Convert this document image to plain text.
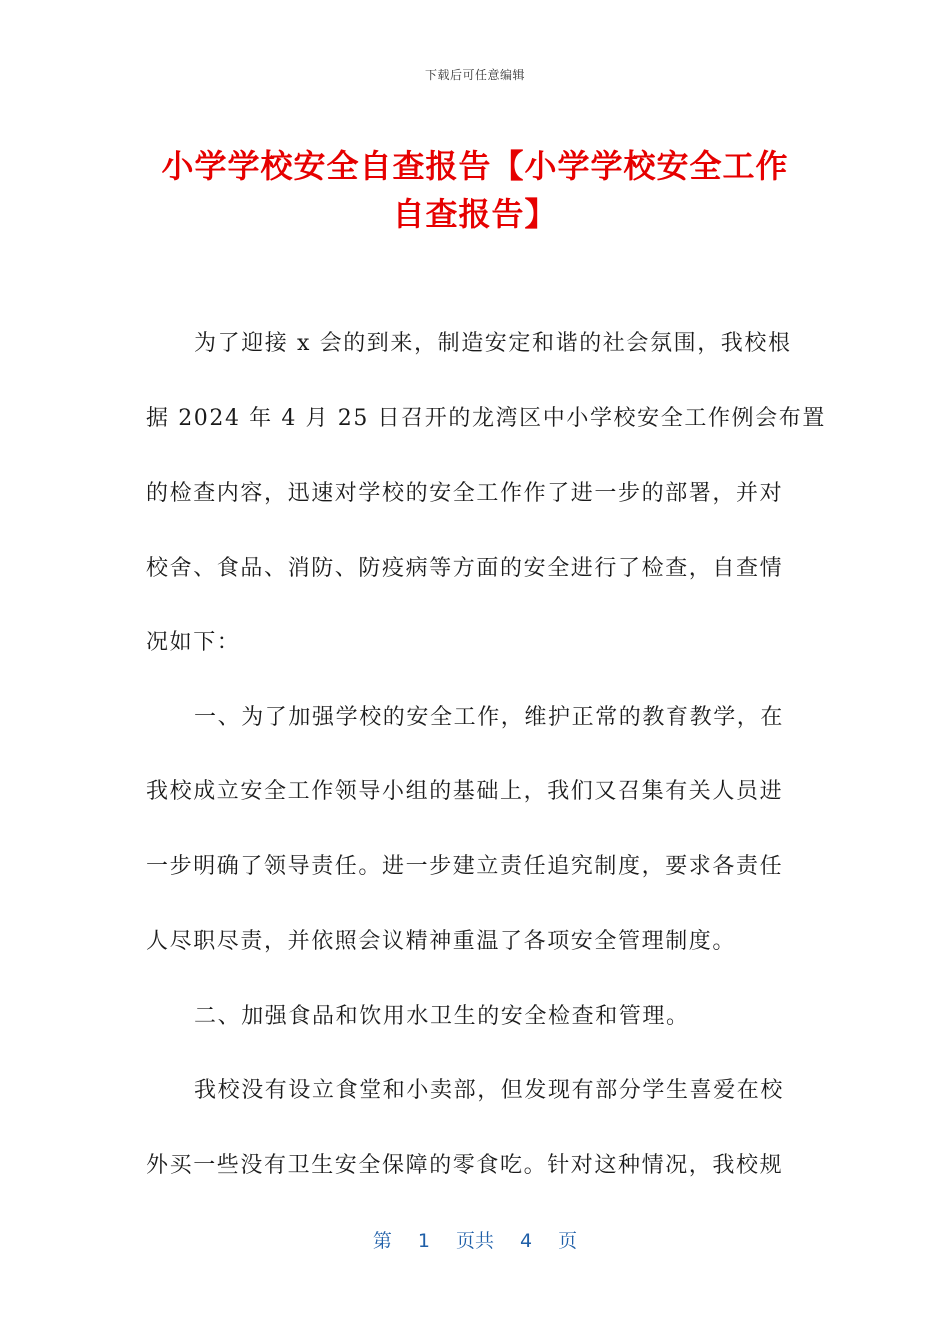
下载后可任意编辑
小学学校安全自查报告【小学学校安全工作
自查报告】
为了迎接 x 会的到来，制造安定和谐的社会氛围，我校根
据 2024 年 4 月 25 日召开的龙湾区中小学校安全工作例会布置
的检查内容，迅速对学校的安全工作作了进一步的部署，并对
校舍、食品、消防、防疫病等方面的安全进行了检查，自查情
况如下：
一、为了加强学校的安全工作，维护正常的教育教学，在
我校成立安全工作领导小组的基础上，我们又召集有关人员进
一步明确了领导责任。进一步建立责任追究制度，要求各责任
人尽职尽责，并依照会议精神重温了各项安全管理制度。
二、加强食品和饮用水卫生的安全检查和管理。
我校没有设立食堂和小卖部，但发现有部分学生喜爱在校
外买一些没有卫生安全保障的零食吃。针对这种情况，我校规
第 1 页共 4 页
